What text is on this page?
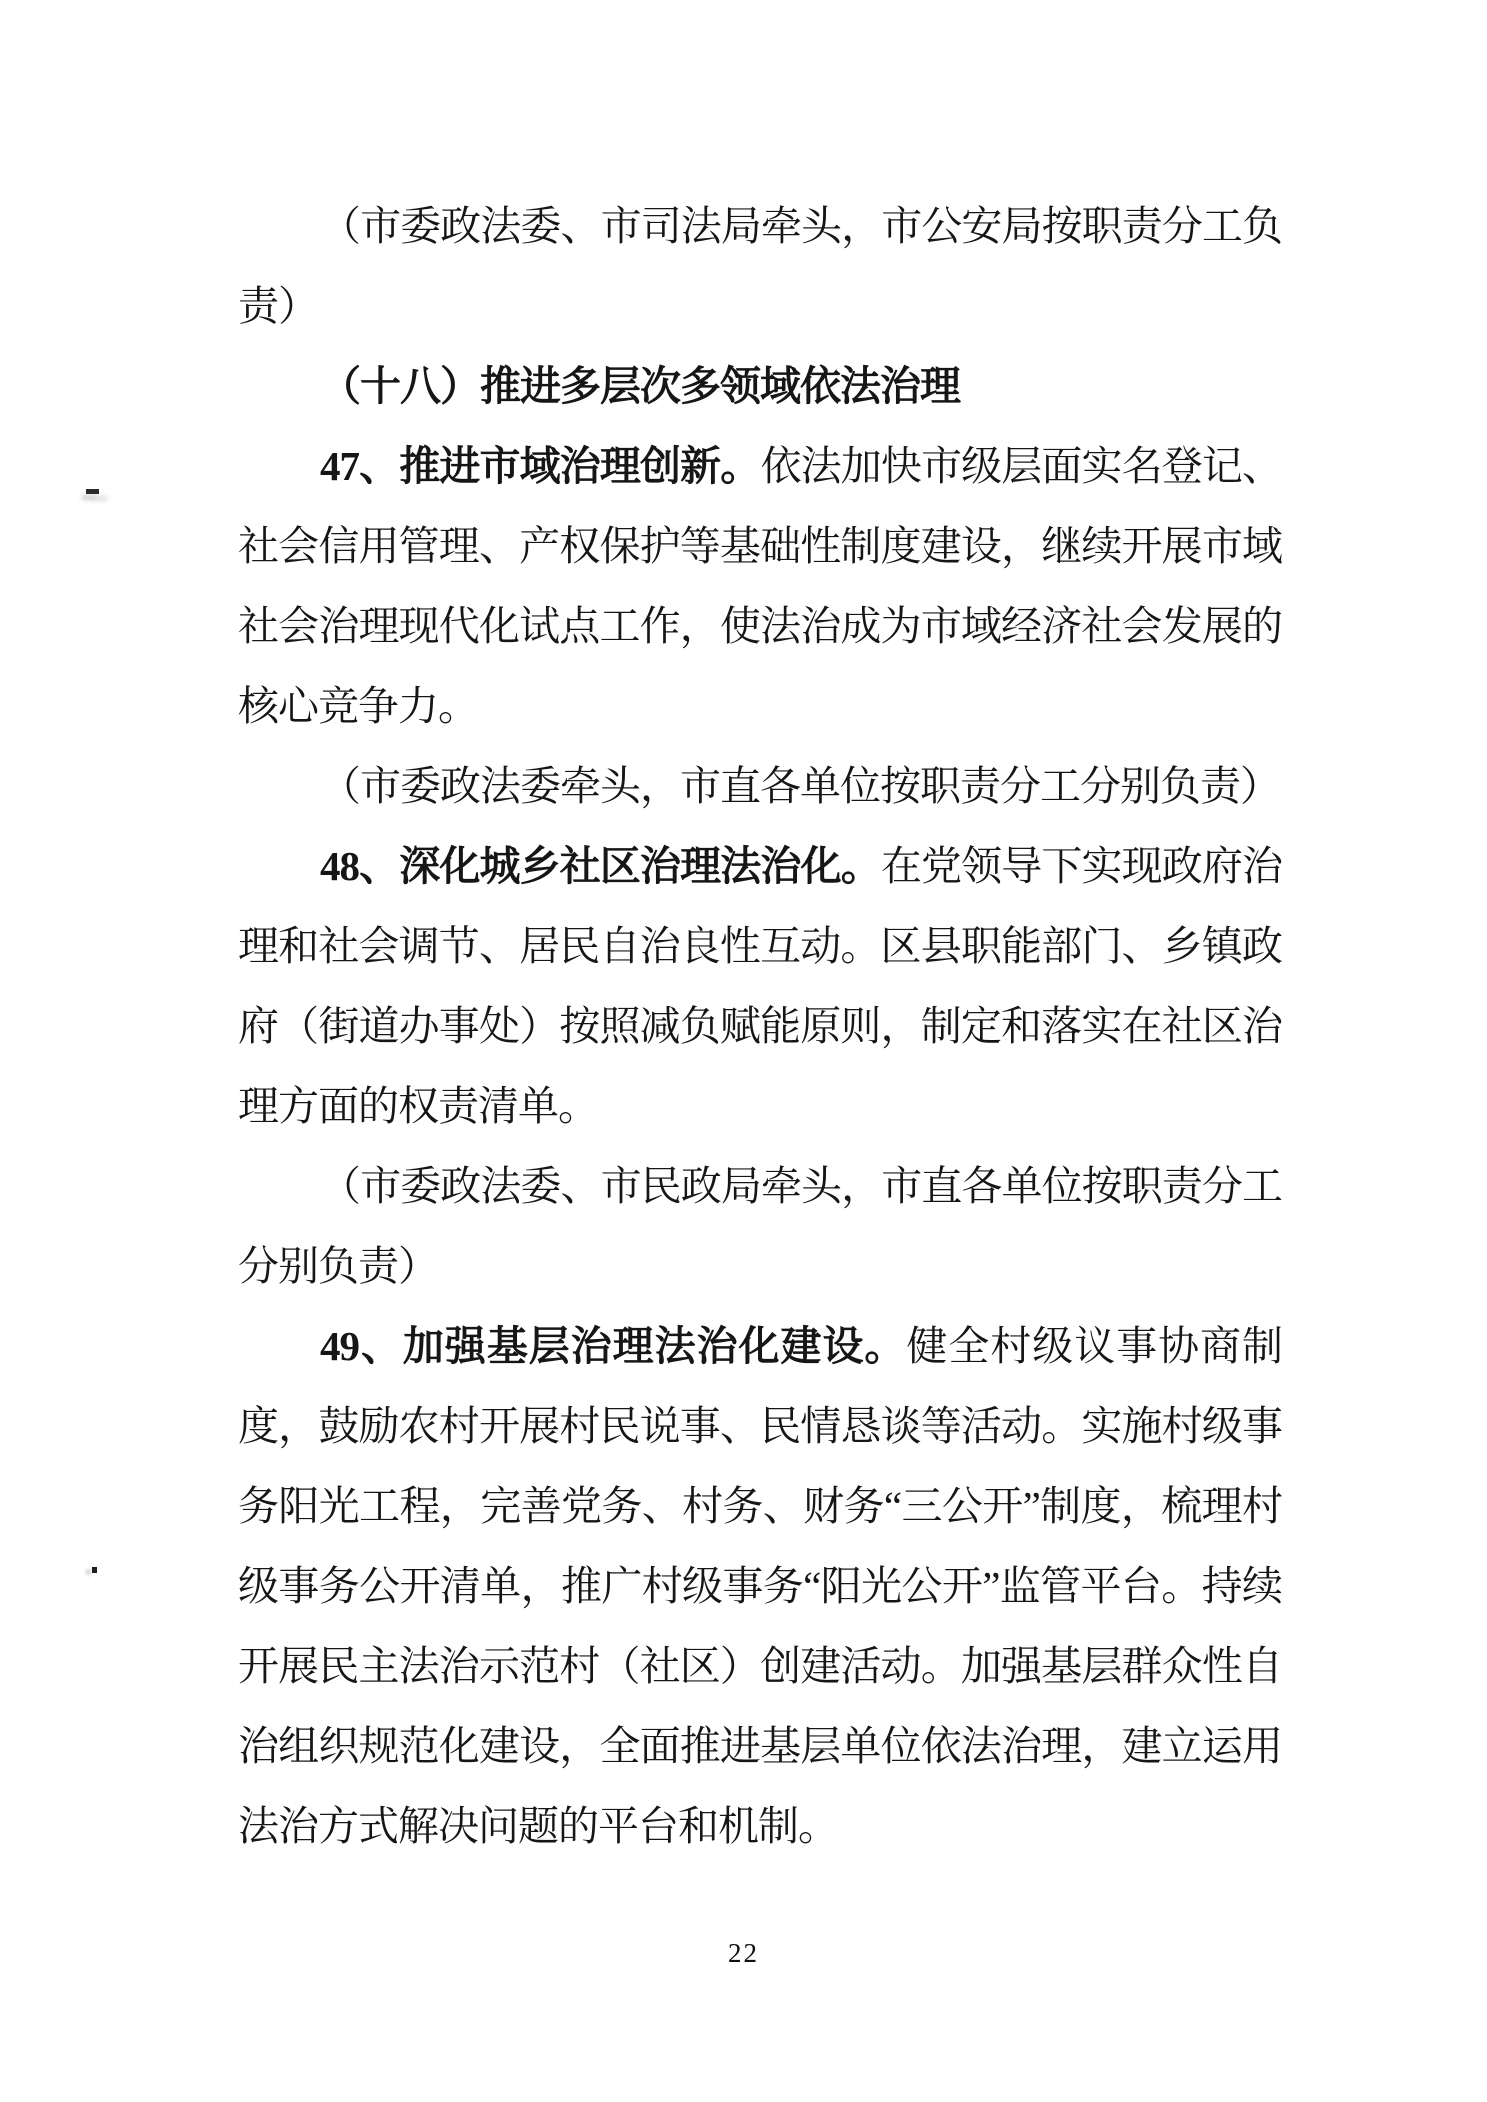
（市委政法委、市司法局牵头，市公安局按职责分工负责）

（十八）推进多层次多领域依法治理

47、推进市域治理创新。依法加快市级层面实名登记、社会信用管理、产权保护等基础性制度建设，继续开展市域社会治理现代化试点工作，使法治成为市域经济社会发展的核心竞争力。

（市委政法委牵头，市直各单位按职责分工分别负责）

48、深化城乡社区治理法治化。在党领导下实现政府治理和社会调节、居民自治良性互动。区县职能部门、乡镇政府（街道办事处）按照减负赋能原则，制定和落实在社区治理方面的权责清单。

（市委政法委、市民政局牵头，市直各单位按职责分工分别负责）

49、加强基层治理法治化建设。健全村级议事协商制度，鼓励农村开展村民说事、民情恳谈等活动。实施村级事务阳光工程，完善党务、村务、财务“三公开”制度，梳理村级事务公开清单，推广村级事务“阳光公开”监管平台。持续开展民主法治示范村（社区）创建活动。加强基层群众性自治组织规范化建设，全面推进基层单位依法治理，建立运用法治方式解决问题的平台和机制。

22
